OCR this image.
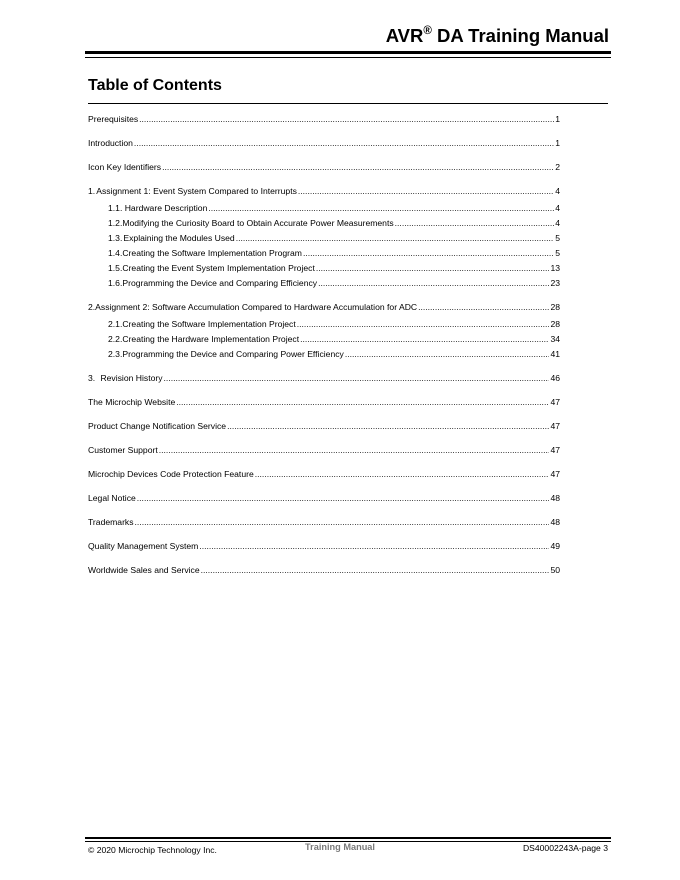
AVR® DA Training Manual
Table of Contents
Prerequisites .....	1
Introduction .....	1
Icon Key Identifiers .....	2
1. Assignment 1: Event System Compared to Interrupts .....	4
1.1. Hardware Description .....	4
1.2. Modifying the Curiosity Board to Obtain Accurate Power Measurements .....	4
1.3. Explaining the Modules Used .....	5
1.4. Creating the Software Implementation Program .....	5
1.5. Creating the Event System Implementation Project .....	13
1.6. Programming the Device and Comparing Efficiency .....	23
2. Assignment 2: Software Accumulation Compared to Hardware Accumulation for ADC .....	28
2.1. Creating the Software Implementation Project .....	28
2.2. Creating the Hardware Implementation Project .....	34
2.3. Programming the Device and Comparing Power Efficiency .....	41
3. Revision History .....	46
The Microchip Website .....	47
Product Change Notification Service .....	47
Customer Support .....	47
Microchip Devices Code Protection Feature .....	47
Legal Notice .....	48
Trademarks .....	48
Quality Management System .....	49
Worldwide Sales and Service .....	50
© 2020 Microchip Technology Inc.	Training Manual	DS40002243A-page 3
